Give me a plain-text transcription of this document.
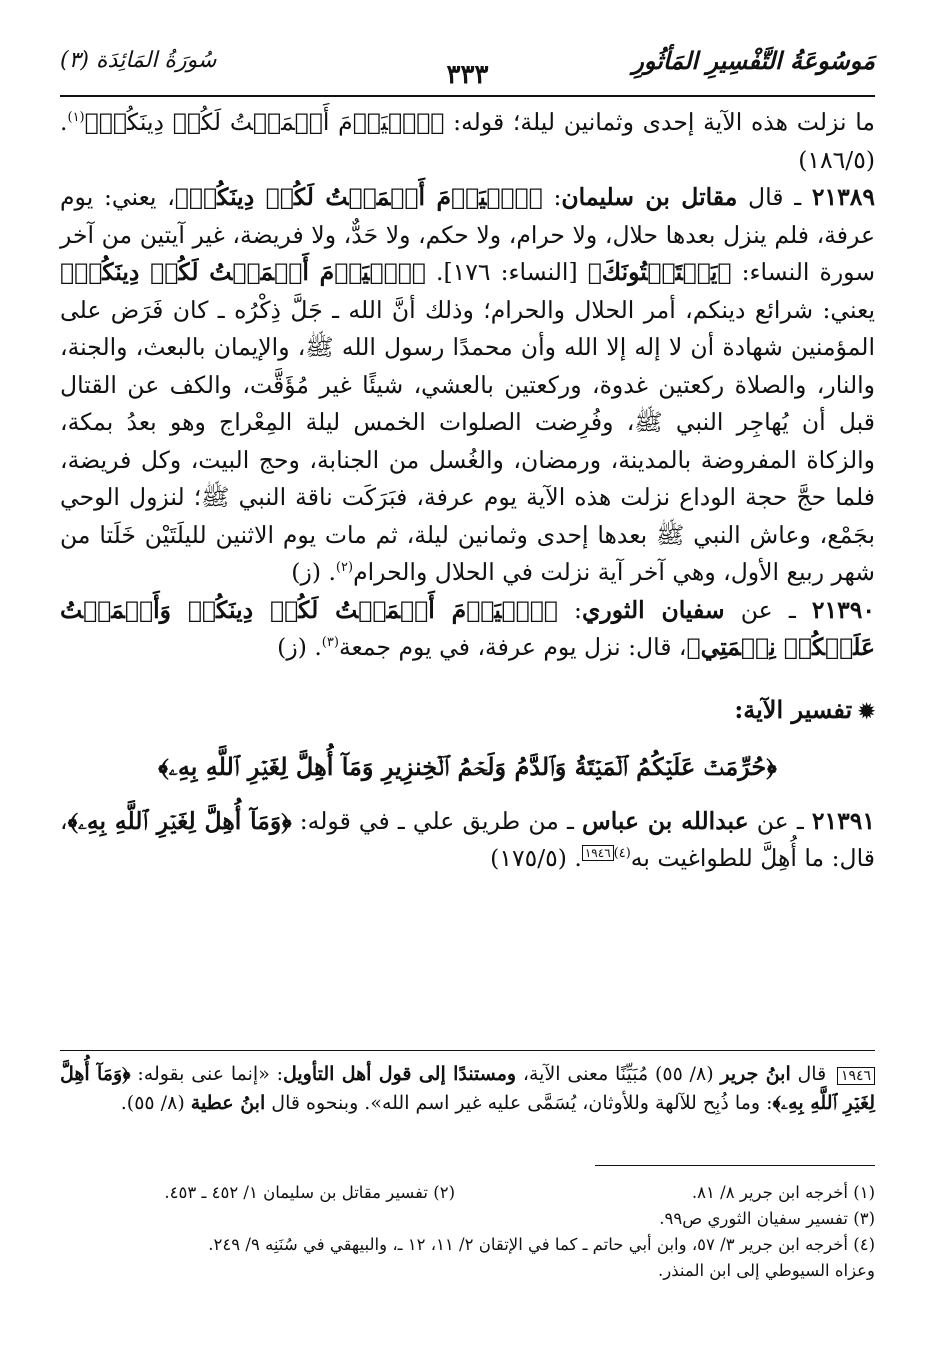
مَوسُوعَةُ التَّفْسِيرِ المَأثُورِ
٣٣٣
سُورَةُ المَائِدَة (٣)

ما نزلت هذه الآية إحدى وثمانين ليلة؛ قوله: ﴿ٱلۡيَوۡمَ أَكۡمَلۡتُ لَكُمۡ دِينَكُمۡ﴾$^{(١)}$. (١٨٦/٥)

٢١٣٨٩ ـ قال مقاتل بن سليمان: ﴿ٱلۡيَوۡمَ أَكۡمَلۡتُ لَكُمۡ دِينَكُمۡ﴾، يعني: يوم عرفة، فلم ينزل بعدها حلال، ولا حرام، ولا حكم، ولا حَدٌّ، ولا فريضة، غير آيتين من آخر سورة النساء: ﴿يَسۡتَفۡتُونَكَ﴾ [النساء: ١٧٦]. ﴿ٱلۡيَوۡمَ أَكۡمَلۡتُ لَكُمۡ دِينَكُمۡ﴾ يعني: شرائع دينكم، أمر الحلال والحرام؛ وذلك أنَّ الله ـ جَلَّ ذِكْرُه ـ كان فَرَض على المؤمنين شهادة أن لا إله إلا الله وأن محمدًا رسول الله ﷺ، والإيمان بالبعث، والجنة، والنار، والصلاة ركعتين غدوة، وركعتين بالعشي، شيئًا غير مُؤَقَّت، والكف عن القتال قبل أن يُهاجِر النبي ﷺ، وفُرِضت الصلوات الخمس ليلة المِعْراج وهو بعدُ بمكة، والزكاة المفروضة بالمدينة، ورمضان، والغُسل من الجنابة، وحج البيت، وكل فريضة، فلما حجَّ حجة الوداع نزلت هذه الآية يوم عرفة، فبَرَكَت ناقة النبي ﷺ؛ لنزول الوحي بجَمْع، وعاش النبي ﷺ بعدها إحدى وثمانين ليلة، ثم مات يوم الاثنين لليلَتَيْن خَلَتا من شهر ربيع الأول، وهي آخر آية نزلت في الحلال والحرام$^{(٢)}$. (ز)

٢١٣٩٠ ـ عن سفيان الثوري: ﴿ٱلۡيَوۡمَ أَكۡمَلۡتُ لَكُمۡ دِينَكُمۡ وَأَتۡمَمۡتُ عَلَيۡكُمۡ نِعۡمَتِي﴾، قال: نزل يوم عرفة، في يوم جمعة$^{(٣)}$. (ز)

✹تفسير الآية:
﴿حُرِّمَتۡ عَلَيۡكُمُ ٱلۡمَيۡتَةُ وَٱلدَّمُ وَلَحۡمُ ٱلۡخِنزِيرِ وَمَآ أُهِلَّ لِغَيۡرِ ٱللَّهِ بِهِۦ﴾

٢١٣٩١ ـ عن عبدالله بن عباس ـ من طريق علي ـ في قوله: ﴿وَمَآ أُهِلَّ لِغَيۡرِ ٱللَّهِ بِهِۦ﴾، قال: ما أُهِلَّ للطواغيت به$^{(٤)}$١٩٤٦. (١٧٥/٥)

١٩٤٦ قال ابنُ جرير (٨/ ٥٥) مُبَيِّنًا معنى الآية، ومستندًا إلى قول أهل التأويل: «إنما عنى بقوله: ﴿وَمَآ أُهِلَّ لِغَيۡرِ ٱللَّهِ بِهِۦ﴾: وما ذُبِح للآلهة وللأوثان، يُسَمَّى عليه غير اسم الله». وبنحوه قال ابنُ عطية (٨/ ٥٥).
(١) أخرجه ابن جرير ٨/ ٨١.
(٢) تفسير مقاتل بن سليمان ١/ ٤٥٢ ـ ٤٥٣.
(٣) تفسير سفيان الثوري ص٩٩.
(٤) أخرجه ابن جرير ٣/ ٥٧، وابن أبي حاتم ـ كما في الإتقان ٢/ ١١، ١٢ ـ، والبيهقي في سُنَنِه ٩/ ٢٤٩.
وعزاه السيوطي إلى ابن المنذر.
